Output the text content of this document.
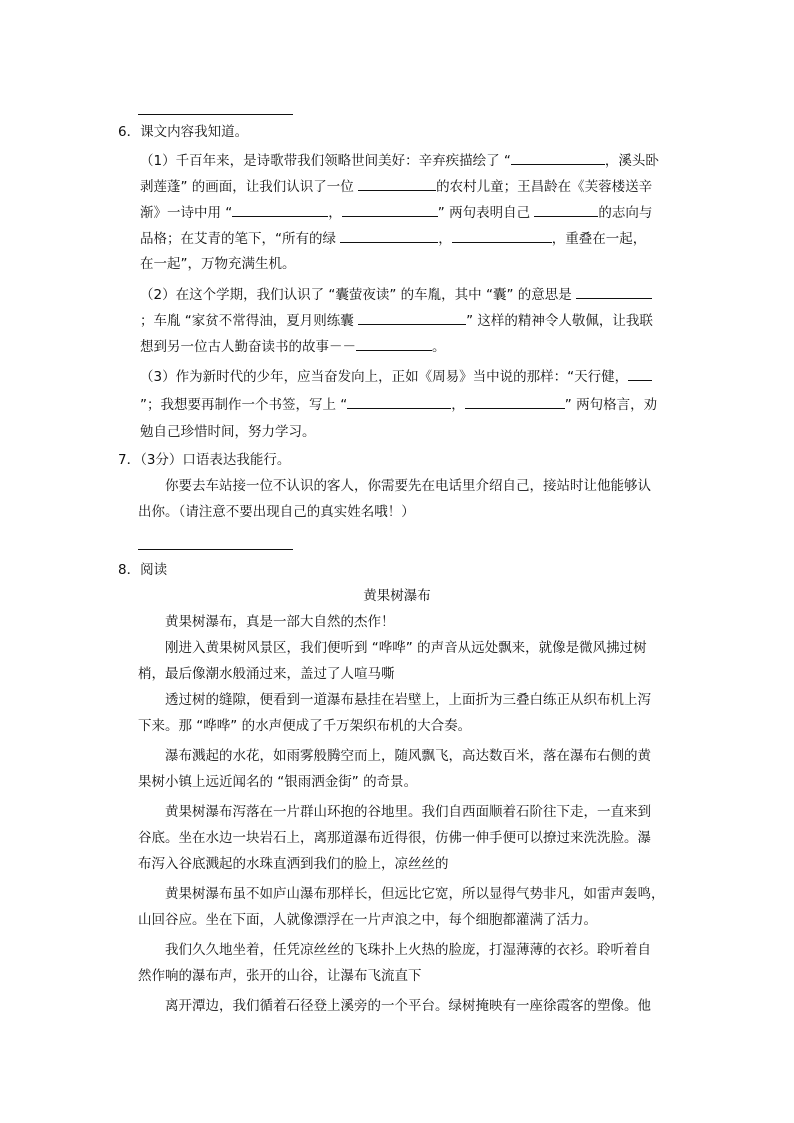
6．课文内容我知道。
（1）千百年来，是诗歌带我们领略世间美好：辛弃疾描绘了 “	，溪头卧
剥莲蓬” 的画面，让我们认识了一位	的农村儿童；王昌龄在《芙蓉楼送辛
渐》一诗中用 “	，	” 两句表明自己	的志向与
品格；在艾青的笔下，“所有的绿	，	，重叠在一起，
在一起”，万物充满生机。
（2）在这个学期，我们认识了 “囊萤夜读” 的车胤，其中 “囊” 的意思是
；车胤 “家贫不常得油，夏月则练囊	” 这样的精神令人敬佩，让我联
想到另一位古人勤奋读书的故事－－	。
（3）作为新时代的少年，应当奋发向上，正如《周易》当中说的那样：“天行健，
”；我想要再制作一个书签，写上 “	，	” 两句格言，劝
勉自己珍惜时间，努力学习。
7．（3分）口语表达我能行。
你要去车站接一位不认识的客人，你需要先在电话里介绍自己，接站时让他能够认
出你。（请注意不要出现自己的真实姓名哦！）
8．阅读
黄果树瀑布
黄果树瀑布，真是一部大自然的杰作！
刚进入黄果树风景区，我们便听到 “哗哗” 的声音从远处飘来，就像是微风拂过树
梢，最后像潮水般涌过来，盖过了人喧马嘶
透过树的缝隙，便看到一道瀑布悬挂在岩壁上，上面折为三叠白练正从织布机上泻
下来。那 “哗哗” 的水声便成了千万架织布机的大合奏。
瀑布溅起的水花，如雨雾般腾空而上，随风飘飞，高达数百米，落在瀑布右侧的黄
果树小镇上远近闻名的 “银雨洒金街” 的奇景。
黄果树瀑布泻落在一片群山环抱的谷地里。我们自西面顺着石阶往下走，一直来到
谷底。坐在水边一块岩石上，离那道瀑布近得很，仿佛一伸手便可以撩过来洗洗脸。瀑
布泻入谷底溅起的水珠直洒到我们的脸上，凉丝丝的
黄果树瀑布虽不如庐山瀑布那样长，但远比它宽，所以显得气势非凡，如雷声轰鸣，
山回谷应。坐在下面，人就像漂浮在一片声浪之中，每个细胞都灌满了活力。
我们久久地坐着，任凭凉丝丝的飞珠扑上火热的脸庞，打湿薄薄的衣衫。聆听着自
然作响的瀑布声，张开的山谷，让瀑布飞流直下
离开潭边，我们循着石径登上溪旁的一个平台。绿树掩映有一座徐霞客的塑像。他
